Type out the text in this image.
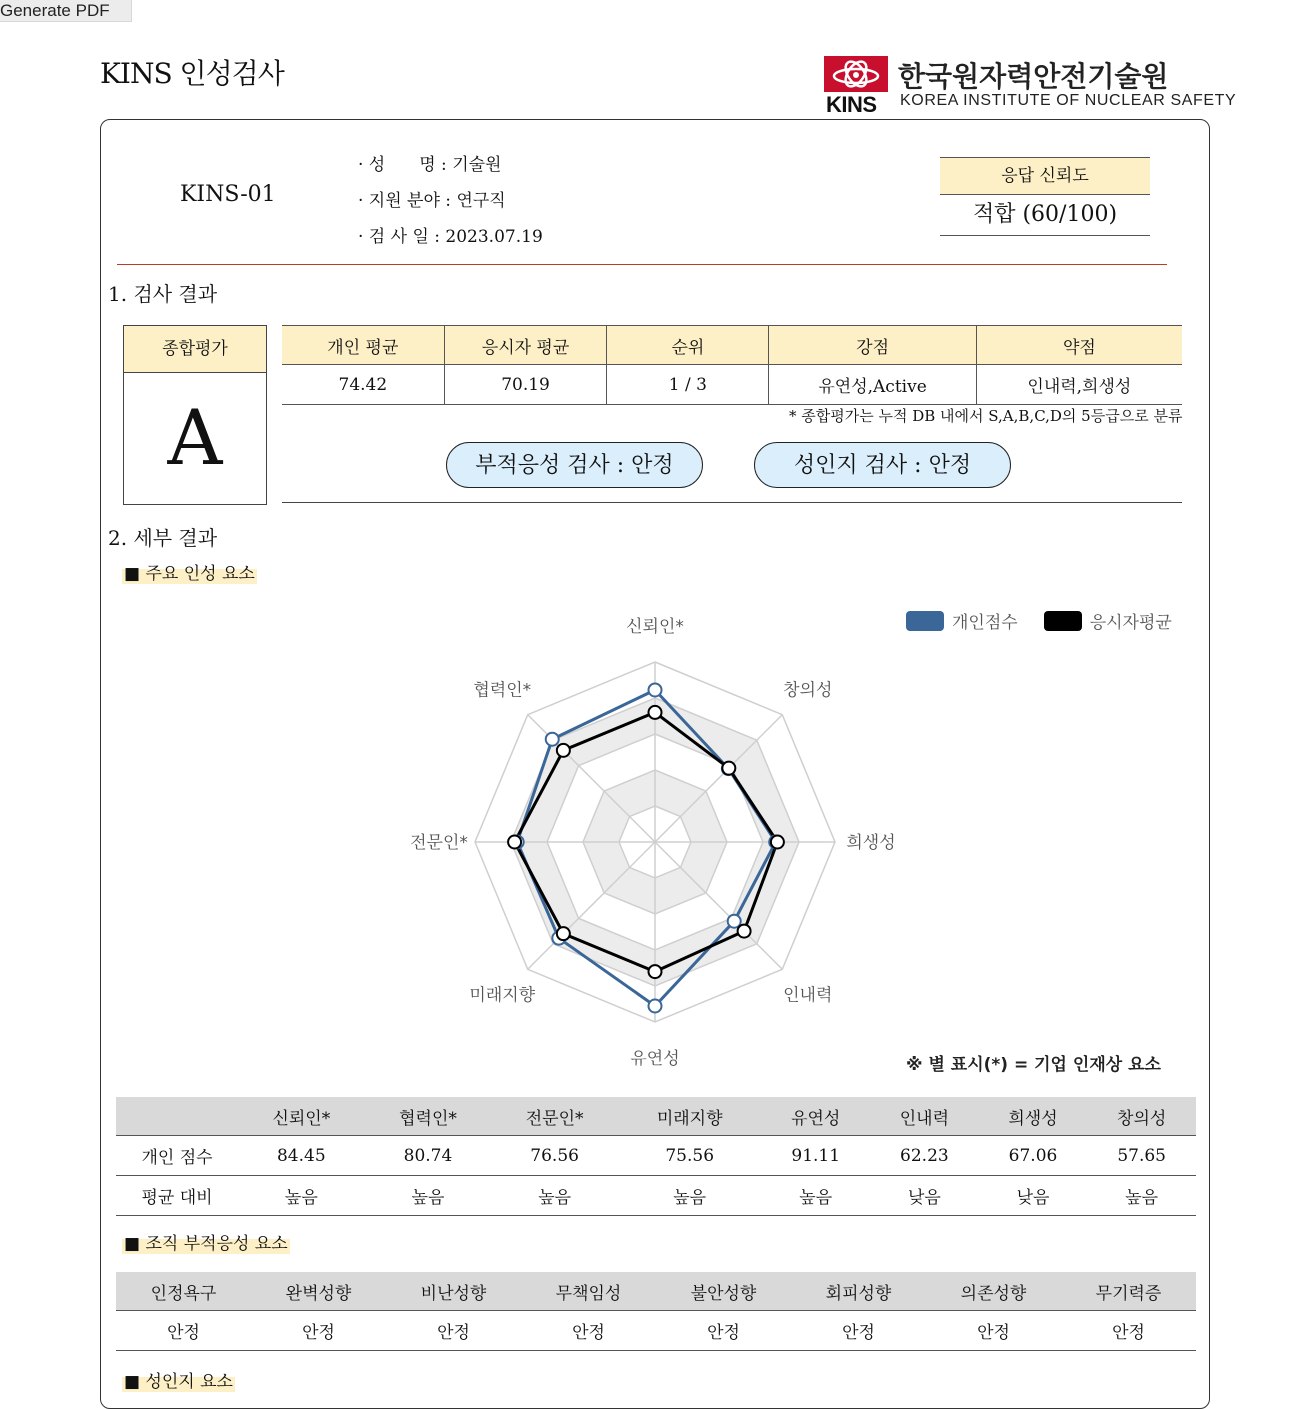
Generate PDF
KINS 인성검사
KINS
한국원자력안전기술원
KOREA INSTITUTE OF NUCLEAR SAFETY
KINS-01
· 성　　명 : 기술원
· 지원 분야 : 연구직
· 검 사 일 : 2023.07.19
응답 신뢰도
적합 (60/100)
1. 검사 결과
종합평가
A
개인 평균	응시자 평균	순위	강점	약점
74.42	70.19	1 / 3	유연성,Active	인내력,희생성
* 종합평가는 누적 DB 내에서 S,A,B,C,D의 5등급으로 분류
부적응성 검사 : 안정	성인지 검사 : 안정
2. 세부 결과
■ 주요 인성 요소
신뢰인*
창의성
희생성
인내력
유연성
미래지향
전문인*
협력인*
개인점수	응시자평균
※ 별 표시(*) = 기업 인재상 요소
	신뢰인*	협력인*	전문인*	미래지향	유연성	인내력	희생성	창의성
개인 점수	84.45	80.74	76.56	75.56	91.11	62.23	67.06	57.65
평균 대비	높음	높음	높음	높음	높음	낮음	낮음	높음
■ 조직 부적응성 요소
인정욕구	완벽성향	비난성향	무책임성	불안성향	회피성향	의존성향	무기력증
안정	안정	안정	안정	안정	안정	안정	안정
■ 성인지 요소
